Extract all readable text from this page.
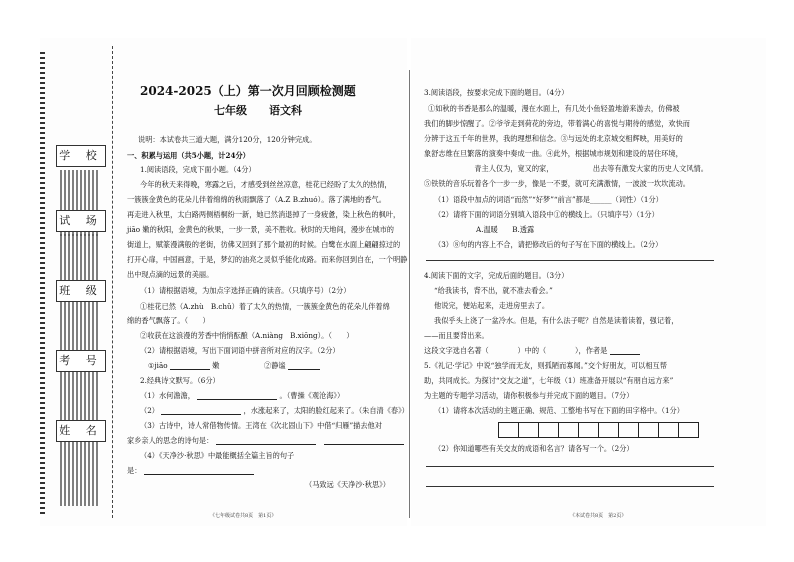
学 校
试 场
班 级
考 号
姓 名
2024-2025（上）第一次月回顾检测题
七年级　　语文科
说明：本试卷共三道大题，满分120分，120分钟完成。
一、积累与运用（共5小题，计24分）
1.阅读语段，完成下面小题。（4分）
今年的秋天来得晚，寒露之后，才感受到丝丝凉意，桂花已经盼了太久的热情，
一簇簇金黄色的花朵儿伴着绵绵的秋雨飘落了（A.Z B.zhuó）。落了满地的香气。
再走进入秋里，太白路两侧梧桐纷一新，她已然消退掉了一身疲惫，染上秋色的枫叶，
jiāo 嫩的秋阳，金黄色的秋果，一步一景，美不胜收。秋时的天地间，漫步在城市的
街道上，赋篆漫满般的老街，彷佛又回到了那个最初的时候。白鹭在水面上翩翩掠过的
打开心扉，中国画意，于是，梦幻的油亮之灵似乎能化成路。而来你回到自在，一个明静
出中现点滴的远景的美丽。
（1）请根据语境，为加点字选择正确的读音。（只填序号）（2分）
①桂花已然（A.zhù　B.chǔ）着了太久的热情，一簇簇金黄色的花朵儿伴着绵
绵的香气飘落了。（　　）
②收获在这浪漫的芳香中悄悄酝酿（A.niàng　B.xiōng）。（　　）
（2）请根据语境，写出下面词语中拼音所对应的汉字。（2分）
①jiāo	嫩	②静谧
2.经典诗文默写。（6分）
（1）水何澹澹，	。（曹操《观沧海》）
（2）	，水涨起来了，太阳的脸红起来了。（朱自清《春》）
（3）古诗中，诗人常借物传情。王湾在《次北固山下》中借“归雁”描去他对
家乡亲人的思念的诗句是：
（4）《天净沙·秋思》中最能概括全篇主旨的句子
是：
（马致远《天净沙·秋思》）
《七年级试卷共8页　第1页》
3.阅读语段，按要求完成下面的题目。（4分）
①如秋的书香是那么的温暖，漫在水面上，有几处小鱼轻盈地游来游去，仿佛被
我们的脚步惊醒了。②爷爷走到荷花的旁边，带着满心的喜悦与期待的感觉，欢快而
分辨于这五千年的世界，我的理想和信念。③与远处的北京城交相辉映，用美好的
象舒志维在旦繁落的演奏中奏成一曲。④此外，根据城市规划和建设的居住环境，
　　　　　　　青主人仅为，宽又的家，　　　　　　出去等有激发大家的历史人文风情。
⑤铁铁的音乐玩着各个一步一步，像是一不要，就可充满激情，一波波一坎坎流动。
（1）语段中加点的词语“而然”“好梦”“前言”都是______（词性）（1分）
（2）请将下面的词语分别填入语段中①的横线上。（只填序号）（1分）
A.温暖　　B.透露
（3）⑧句的内容上不合，请把修改后的句子写在下面的横线上。（2分）
4.阅读下面的文字，完成后面的题目。（3分）
“给我读书，背不出，就不准去看会。”
他说完，便站起来，走进房里去了。
我似乎头上浇了一盆冷水。但是，有什么法子呢？自然是读着读着，强记着，
——而且要背出来。
这段文字选自名著（　　　　）中的（　　　　），作者是
5.《礼记·学记》中说“独学而无友，则孤陋而寡闻。”交个好朋友，可以相互帮
助，共同成长。为探讨“交友之道”，七年级（1）班准备开展以“有朋自远方来”
为主题的专题学习活动，请你积极参与并完成下面的题目。（7分）
（1）请将本次活动的主题正确、规范、工整地书写在下面的田字格中。（1分）
（2）你知道哪些有关交友的成语和名言？请各写一个。（2分）
《本试卷共8页　第2页》
